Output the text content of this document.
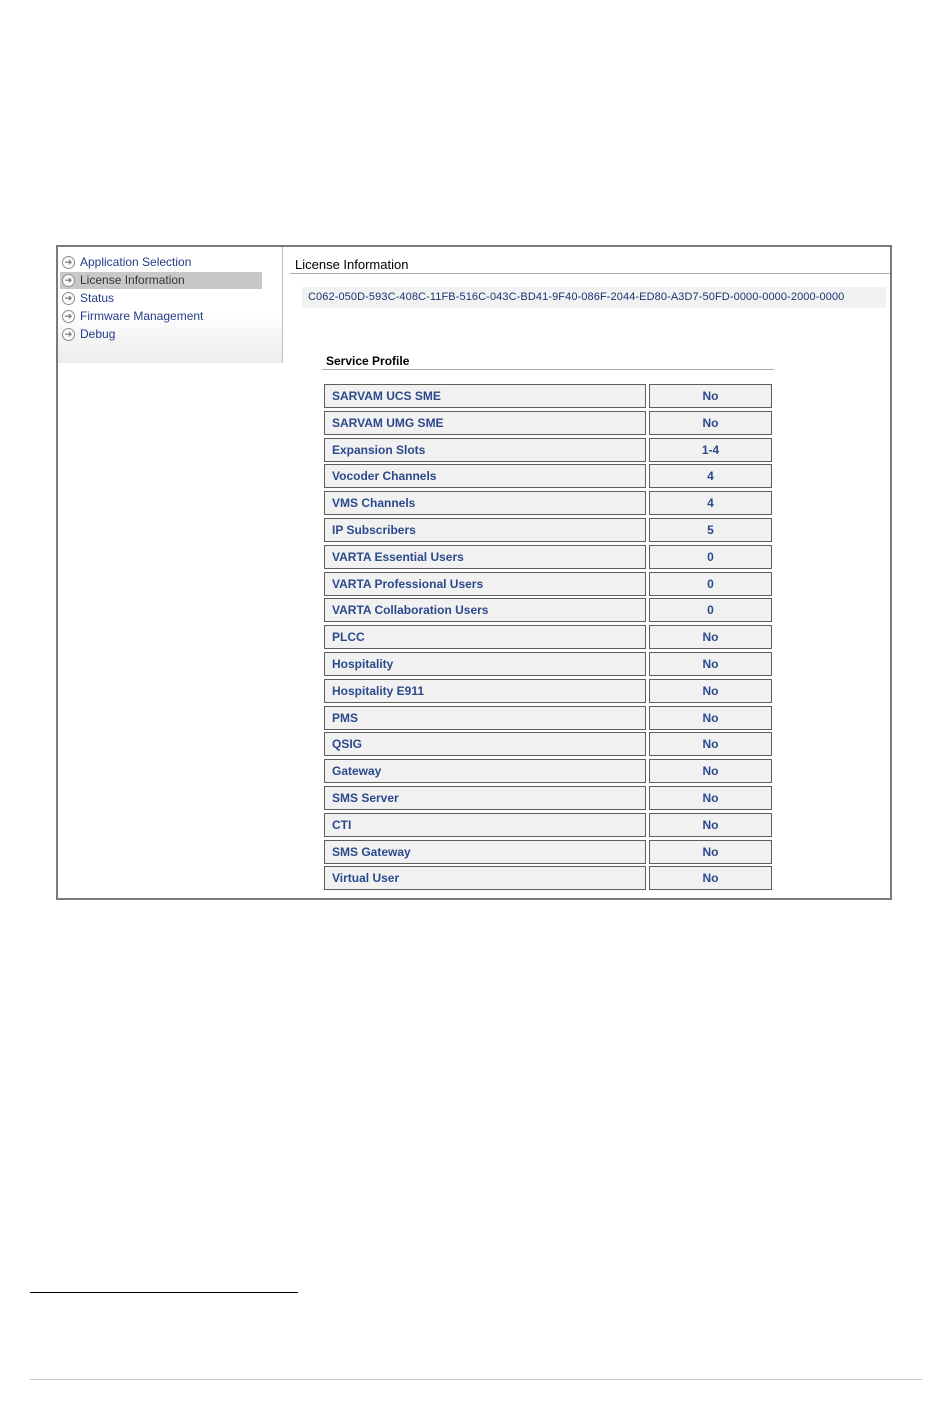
➔ Application Selection
➔ License Information
➔ Status
➔ Firmware Management
➔ Debug
License Information
C062-050D-593C-408C-11FB-516C-043C-BD41-9F40-086F-2044-ED80-A3D7-50FD-0000-0000-2000-0000
Service Profile
SARVAM UCS SME	No
SARVAM UMG SME	No
Expansion Slots	1-4
Vocoder Channels	4
VMS Channels	4
IP Subscribers	5
VARTA Essential Users	0
VARTA Professional Users	0
VARTA Collaboration Users	0
PLCC	No
Hospitality	No
Hospitality E911	No
PMS	No
QSIG	No
Gateway	No
SMS Server	No
CTI	No
SMS Gateway	No
Virtual User	No
